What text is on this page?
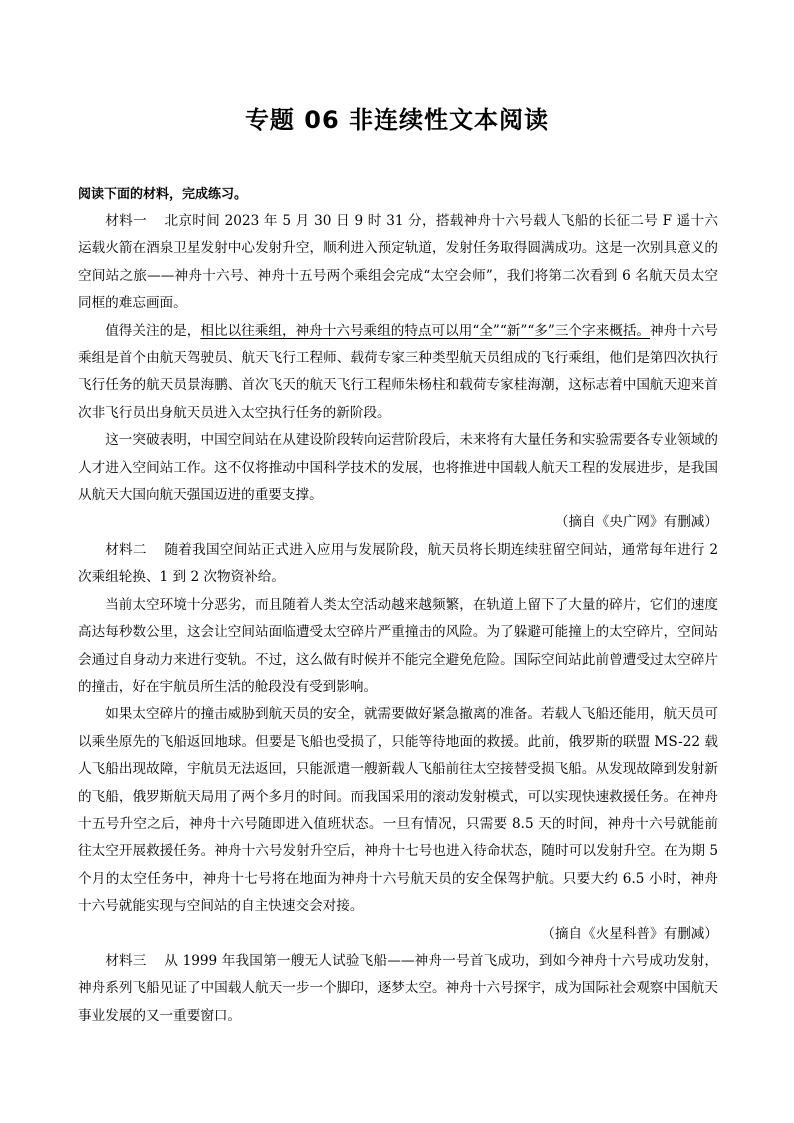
专题 06 非连续性文本阅读
阅读下面的材料，完成练习。

材料一 北京时间 2023 年 5 月 30 日 9 时 31 分，搭载神舟十六号载人飞船的长征二号 F 遥十六运载火箭在酒泉卫星发射中心发射升空，顺利进入预定轨道，发射任务取得圆满成功。这是一次别具意义的空间站之旅——神舟十六号、神舟十五号两个乘组会完成“太空会师”，我们将第二次看到 6 名航天员太空同框的难忘画面。

值得关注的是，相比以往乘组，神舟十六号乘组的特点可以用“全”“新”“多”三个字来概括。神舟十六号乘组是首个由航天驾驶员、航天飞行工程师、载荷专家三种类型航天员组成的飞行乘组，他们是第四次执行飞行任务的航天员景海鹏、首次飞天的航天飞行工程师朱杨柱和载荷专家桂海潮，这标志着中国航天迎来首次非飞行员出身航天员进入太空执行任务的新阶段。

这一突破表明，中国空间站在从建设阶段转向运营阶段后，未来将有大量任务和实验需要各专业领域的人才进入空间站工作。这不仅将推动中国科学技术的发展，也将推进中国载人航天工程的发展进步，是我国从航天大国向航天强国迈进的重要支撑。

（摘自《央广网》有删减）

材料二 随着我国空间站正式进入应用与发展阶段，航天员将长期连续驻留空间站，通常每年进行 2 次乘组轮换、1 到 2 次物资补给。

当前太空环境十分恶劣，而且随着人类太空活动越来越频繁，在轨道上留下了大量的碎片，它们的速度高达每秒数公里，这会让空间站面临遭受太空碎片严重撞击的风险。为了躲避可能撞上的太空碎片，空间站会通过自身动力来进行变轨。不过，这么做有时候并不能完全避免危险。国际空间站此前曾遭受过太空碎片的撞击，好在宇航员所生活的舱段没有受到影响。

如果太空碎片的撞击威胁到航天员的安全，就需要做好紧急撤离的准备。若载人飞船还能用，航天员可以乘坐原先的飞船返回地球。但要是飞船也受损了，只能等待地面的救援。此前，俄罗斯的联盟 MS-22 载人飞船出现故障，宇航员无法返回，只能派遣一艘新载人飞船前往太空接替受损飞船。从发现故障到发射新的飞船，俄罗斯航天局用了两个多月的时间。而我国采用的滚动发射模式，可以实现快速救援任务。在神舟十五号升空之后，神舟十六号随即进入值班状态。一旦有情况，只需要 8.5 天的时间，神舟十六号就能前往太空开展救援任务。神舟十六号发射升空后，神舟十七号也进入待命状态，随时可以发射升空。在为期 5 个月的太空任务中，神舟十七号将在地面为神舟十六号航天员的安全保驾护航。只要大约 6.5 小时，神舟十六号就能实现与空间站的自主快速交会对接。

（摘自《火星科普》有删减）

材料三 从 1999 年我国第一艘无人试验飞船——神舟一号首飞成功，到如今神舟十六号成功发射，神舟系列飞船见证了中国载人航天一步一个脚印，逐梦太空。神舟十六号探宇，成为国际社会观察中国航天事业发展的又一重要窗口。
